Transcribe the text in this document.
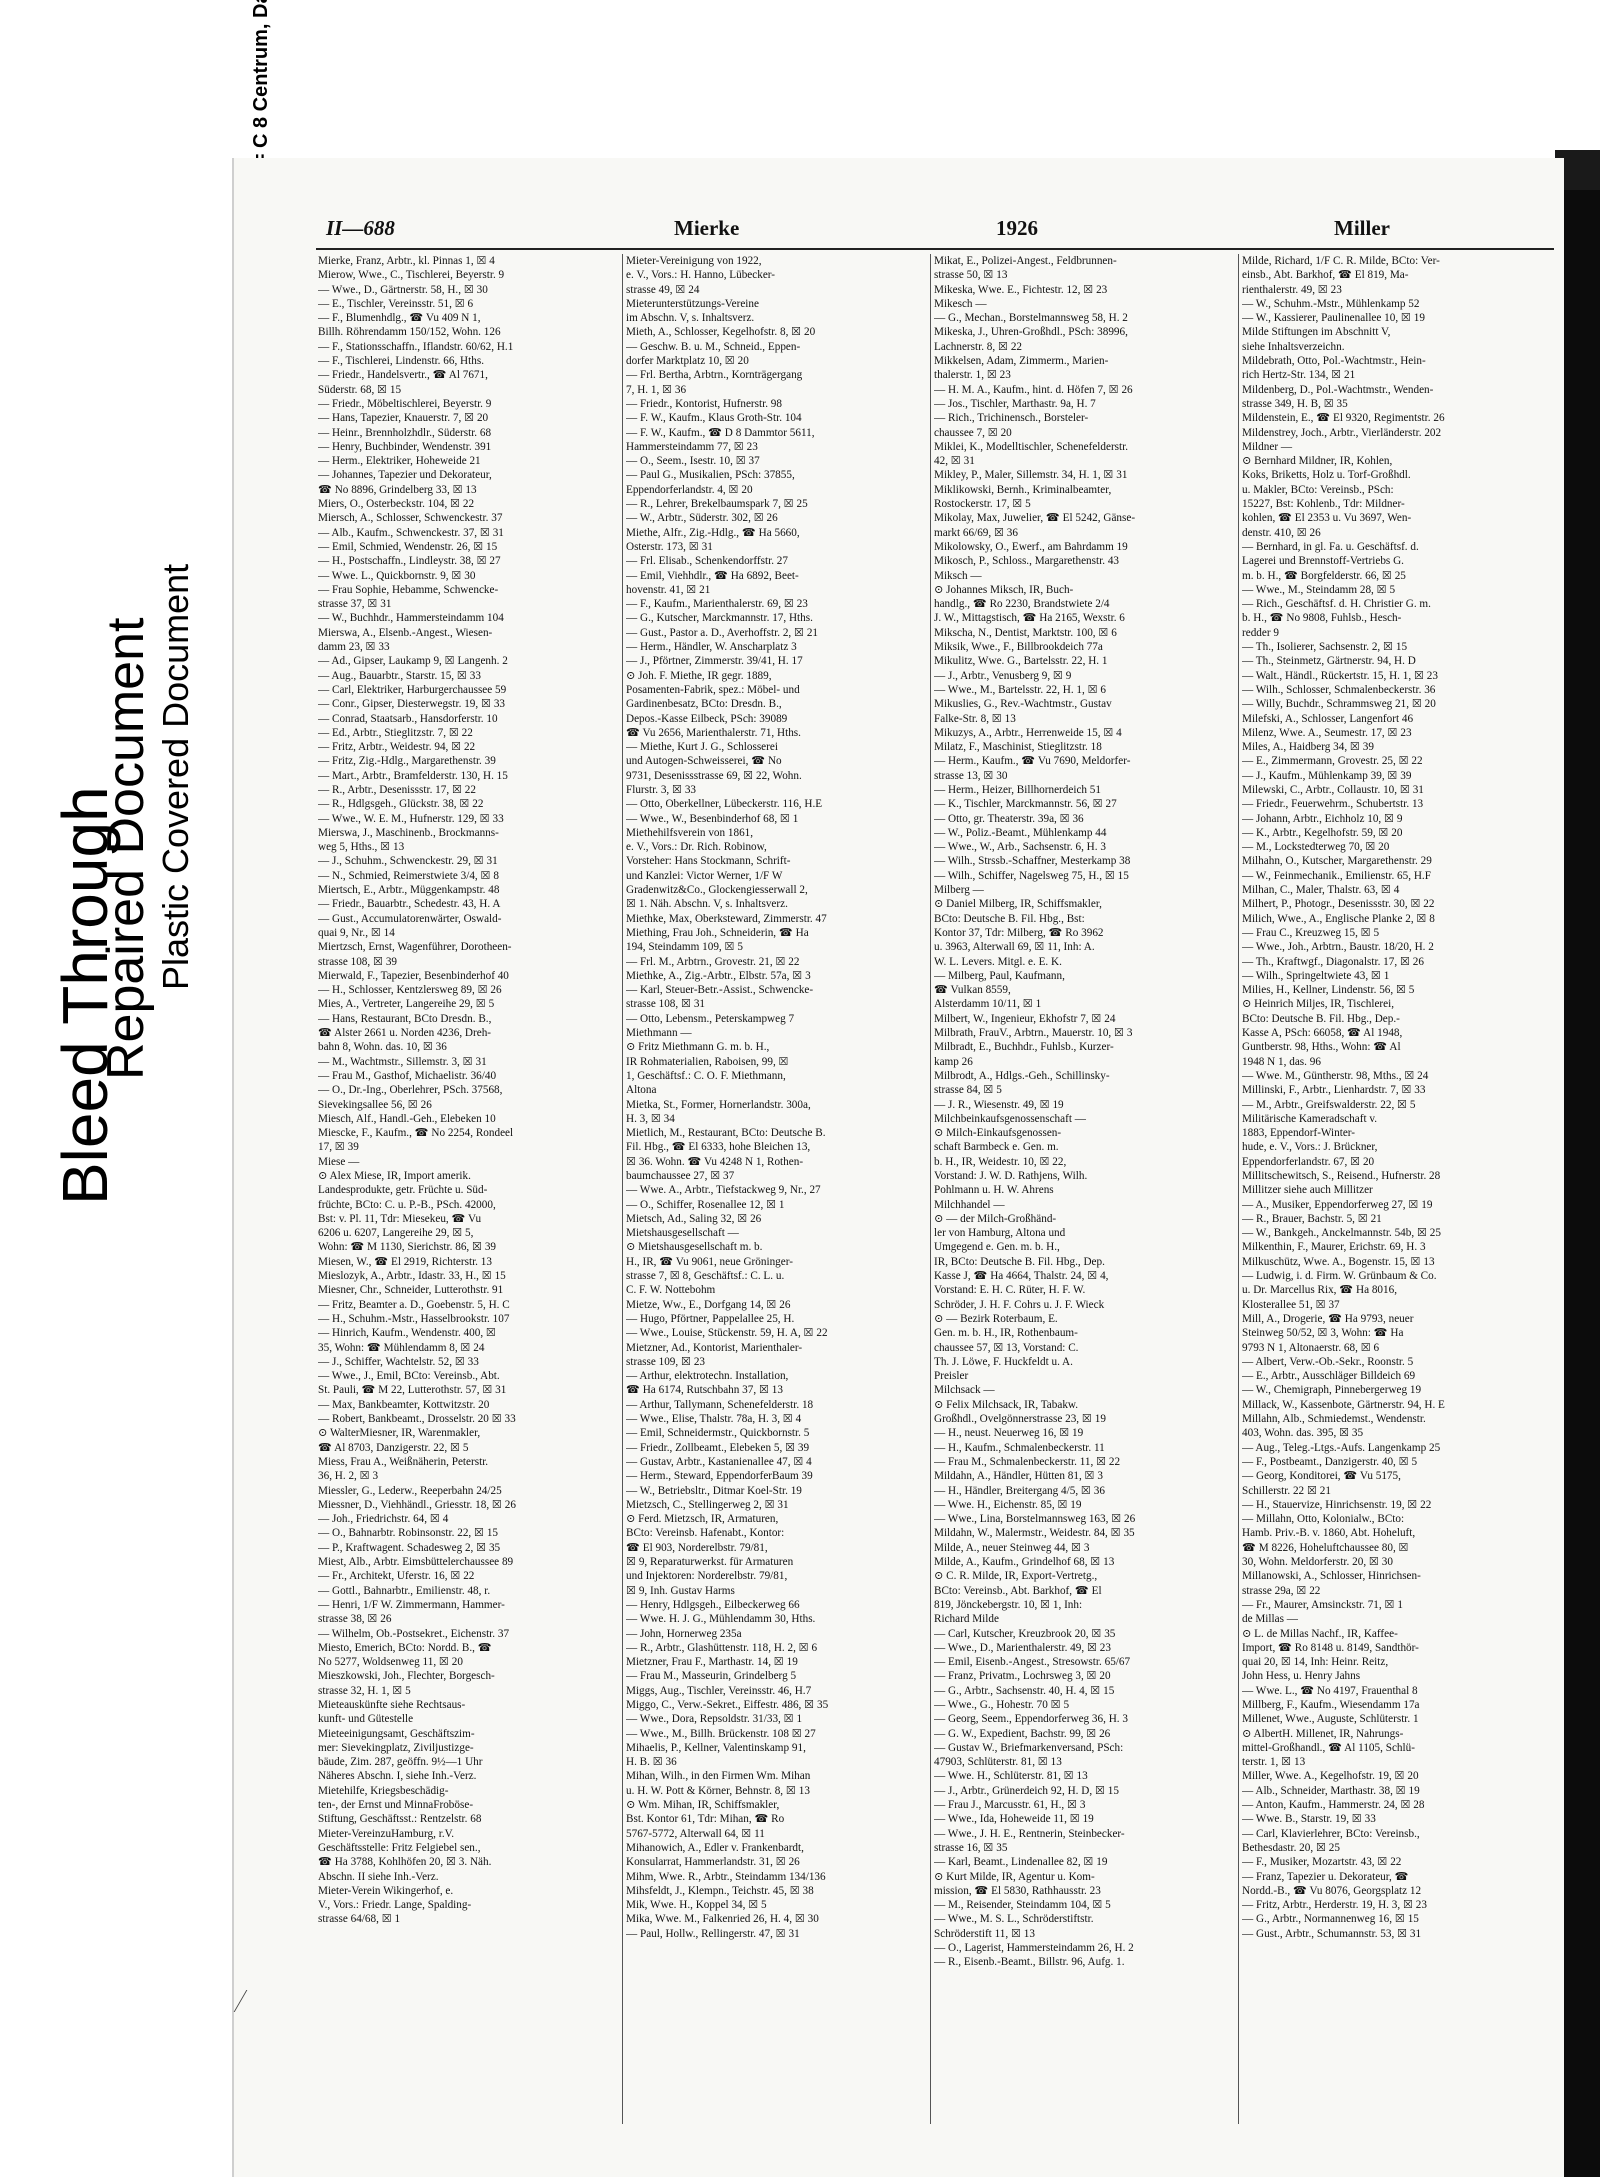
Bleed Through
Repaired Document Plastic Covered Document
II—688	Mierke	1926	Miller

Mierke, Franz, Arbtr., kl. Pinnas 1, ☒ 4

Mierow, Wwe., C., Tischlerei, Beyerstr. 9

— Wwe., D., Gärtnerstr. 58, H., ☒ 30

— E., Tischler, Vereinsstr. 51, ☒ 6

— F., Blumenhdlg., ☎ Vu 409 N 1,

Billh. Röhrendamm 150/152, Wohn. 126

— F., Stationsschaffn., Iflandstr. 60/62, H.1

— F., Tischlerei, Lindenstr. 66, Hths.

— Friedr., Handelsvertr., ☎ Al 7671,

Süderstr. 68, ☒ 15

— Friedr., Möbeltischlerei, Beyerstr. 9

— Hans, Tapezier, Knauerstr. 7, ☒ 20

— Heinr., Brennholzhdlr., Süderstr. 68

— Henry, Buchbinder, Wendenstr. 391

— Herm., Elektriker, Hoheweide 21

— Johannes, Tapezier und Dekorateur,

☎ No 8896, Grindelberg 33, ☒ 13

Miers, O., Osterbeckstr. 104, ☒ 22

Miersch, A., Schlosser, Schwenckestr. 37

— Alb., Kaufm., Schwenckestr. 37, ☒ 31

— Emil, Schmied, Wendenstr. 26, ☒ 15

— H., Postschaffn., Lindleystr. 38, ☒ 27

— Wwe. L., Quickbornstr. 9, ☒ 30

— Frau Sophie, Hebamme, Schwencke-

strasse 37, ☒ 31

— W., Buchhdr., Hammersteindamm 104

Mierswa, A., Elsenb.-Angest., Wiesen-

damm 23, ☒ 33

— Ad., Gipser, Laukamp 9, ☒ Langenh. 2

— Aug., Bauarbtr., Starstr. 15, ☒ 33

— Carl, Elektriker, Harburgerchaussee 59

— Conr., Gipser, Diesterwegstr. 19, ☒ 33

— Conrad, Staatsarb., Hansdorferstr. 10

— Ed., Arbtr., Stieglitzstr. 7, ☒ 22

— Fritz, Arbtr., Weidestr. 94, ☒ 22

— Fritz, Zig.-Hdlg., Margarethenstr. 39

— Mart., Arbtr., Bramfelderstr. 130, H. 15

— R., Arbtr., Desenissstr. 17, ☒ 22

— R., Hdlgsgeh., Glückstr. 38, ☒ 22

— Wwe., W. E. M., Hufnerstr. 129, ☒ 33

Mierswa, J., Maschinenb., Brockmanns-

weg 5, Hths., ☒ 13

— J., Schuhm., Schwenckestr. 29, ☒ 31

— N., Schmied, Reimerstwiete 3/4, ☒ 8

Miertsch, E., Arbtr., Müggenkampstr. 48

— Friedr., Bauarbtr., Schedestr. 43, H. A

— Gust., Accumulatorenwärter, Oswald-

quai 9, Nr., ☒ 14

Miertzsch, Ernst, Wagenführer, Dorotheen-

strasse 108, ☒ 39

Mierwald, F., Tapezier, Besenbinderhof 40

— H., Schlosser, Kentzlersweg 89, ☒ 26

Mies, A., Vertreter, Langereihe 29, ☒ 5

— Hans, Restaurant, BCto Dresdn. B.,

☎ Alster 2661 u. Norden 4236, Dreh-

bahn 8, Wohn. das. 10, ☒ 36

— M., Wachtmstr., Sillemstr. 3, ☒ 31

— Frau M., Gasthof, Michaelistr. 36/40

— O., Dr.-Ing., Oberlehrer, PSch. 37568,

Sievekingsallee 56, ☒ 26

Miesch, Alf., Handl.-Geh., Elebeken 10

Miescke, F., Kaufm., ☎ No 2254, Rondeel

17, ☒ 39

Miese —

⊙ Alex Miese, IR, Import amerik.

Landesprodukte, getr. Früchte u. Süd-

früchte, BCto: C. u. P.-B., PSch. 42000,

Bst: v. Pl. 11, Tdr: Miesekeu, ☎ Vu

6206 u. 6207, Langereihe 29, ☒ 5,

Wohn: ☎ M 1130, Sierichstr. 86, ☒ 39

Miesen, W., ☎ El 2919, Richterstr. 13

Mieslozyk, A., Arbtr., Idastr. 33, H., ☒ 15

Miesner, Chr., Schneider, Lutterothstr. 91

— Fritz, Beamter a. D., Goebenstr. 5, H. C

— H., Schuhm.-Mstr., Hasselbrookstr. 107

— Hinrich, Kaufm., Wendenstr. 400, ☒

35, Wohn: ☎ Mühlendamm 8, ☒ 24

— J., Schiffer, Wachtelstr. 52, ☒ 33

— Wwe., J., Emil, BCto: Vereinsb., Abt.

St. Pauli, ☎ M 22, Lutterothstr. 57, ☒ 31

— Max, Bankbeamter, Kottwitzstr. 20

— Robert, Bankbeamt., Drosselstr. 20 ☒ 33

⊙ WalterMiesner, IR, Warenmakler,

☎ Al 8703, Danzigerstr. 22, ☒ 5

Miess, Frau A., Weißnäherin, Peterstr.

36, H. 2, ☒ 3

Miessler, G., Lederw., Reeperbahn 24/25

Miessner, D., Viehhändl., Griesstr. 18, ☒ 26

— Joh., Friedrichstr. 64, ☒ 4

— O., Bahnarbtr. Robinsonstr. 22, ☒ 15

— P., Kraftwagent. Schadesweg 2, ☒ 35

Miest, Alb., Arbtr. Eimsbüttelerchaussee 89

— Fr., Architekt, Uferstr. 16, ☒ 22

— Gottl., Bahnarbtr., Emilienstr. 48, r.

— Henri, 1/F W. Zimmermann, Hammer-

strasse 38, ☒ 26

— Wilhelm, Ob.-Postsekret., Eichenstr. 37

Miesto, Emerich, BCto: Nordd. B., ☎

No 5277, Woldsenweg 11, ☒ 20

Mieszkowski, Joh., Flechter, Borgesch-

strasse 32, H. 1, ☒ 5

Mieteauskünfte siehe Rechtsaus-

kunft- und Gütestelle

Mieteeinigungsamt, Geschäftszim-

mer: Sievekingplatz, Ziviljustizge-

bäude, Zim. 287, geöffn. 9½—1 Uhr

Näheres Abschn. I, siehe Inh.-Verz.

Mietehilfe, Kriegsbeschädig-

ten-, der Ernst und MinnaFroböse-

Stiftung, Geschäftsst.: Rentzelstr. 68

Mieter-VereinzuHamburg, r.V.

Geschäftsstelle: Fritz Felgiebel sen.,

☎ Ha 3788, Kohlhöfen 20, ☒ 3. Näh.

Abschn. II siehe Inh.-Verz.

Mieter-Verein Wikingerhof, e.

V., Vors.: Friedr. Lange, Spalding-

strasse 64/68, ☒ 1

Mieter-Vereinigung von 1922,

e. V., Vors.: H. Hanno, Lübecker-

strasse 49, ☒ 24

Mieterunterstützungs-Vereine

im Abschn. V, s. Inhaltsverz.

Mieth, A., Schlosser, Kegelhofstr. 8, ☒ 20

— Geschw. B. u. M., Schneid., Eppen-

dorfer Marktplatz 10, ☒ 20

— Frl. Bertha, Arbtrn., Kornträgergang

7, H. 1, ☒ 36

— Friedr., Kontorist, Hufnerstr. 98

— F. W., Kaufm., Klaus Groth-Str. 104

— F. W., Kaufm., ☎ D 8 Dammtor 5611,

Hammersteindamm 77, ☒ 23

— O., Seem., Isestr. 10, ☒ 37

— Paul G., Musikalien, PSch: 37855,

Eppendorferlandstr. 4, ☒ 20

— R., Lehrer, Brekelbaumspark 7, ☒ 25

— W., Arbtr., Süderstr. 302, ☒ 26

Miethe, Alfr., Zig.-Hdlg., ☎ Ha 5660,

Osterstr. 173, ☒ 31

— Frl. Elisab., Schenkendorffstr. 27

— Emil, Viehhdlr., ☎ Ha 6892, Beet-

hovenstr. 41, ☒ 21

— F., Kaufm., Marienthalerstr. 69, ☒ 23

— G., Kutscher, Marckmannstr. 17, Hths.

— Gust., Pastor a. D., Averhoffstr. 2, ☒ 21

— Herm., Händler, W. Anscharplatz 3

— J., Pförtner, Zimmerstr. 39/41, H. 17

⊙ Joh. F. Miethe, IR gegr. 1889,

Posamenten-Fabrik, spez.: Möbel- und

Gardinenbesatz, BCto: Dresdn. B.,

Depos.-Kasse Eilbeck, PSch: 39089

☎ Vu 2656, Marienthalerstr. 71, Hths.

— Miethe, Kurt J. G., Schlosserei

und Autogen-Schweisserei, ☎ No

9731, Desenissstrasse 69, ☒ 22, Wohn.

Flurstr. 3, ☒ 33

— Otto, Oberkellner, Lübeckerstr. 116, H.E

— Wwe., W., Besenbinderhof 68, ☒ 1

Miethehilfsverein von 1861,

e. V., Vors.: Dr. Rich. Robinow,

Vorsteher: Hans Stockmann, Schrift-

und Kanzlei: Victor Werner, 1/F W

Gradenwitz&Co., Glockengiesserwall 2,

☒ 1. Näh. Abschn. V, s. Inhaltsverz.

Miethke, Max, Oberksteward, Zimmerstr. 47

Miething, Frau Joh., Schneiderin, ☎ Ha

194, Steindamm 109, ☒ 5

— Frl. M., Arbtrn., Grovestr. 21, ☒ 22

Miethke, A., Zig.-Arbtr., Elbstr. 57a, ☒ 3

— Karl, Steuer-Betr.-Assist., Schwencke-

strasse 108, ☒ 31

— Otto, Lebensm., Peterskampweg 7

Miethmann —

⊙ Fritz Miethmann G. m. b. H.,

IR Rohmaterialien, Raboisen, 99, ☒

1, Geschäftsf.: C. O. F. Miethmann,

Altona

Mietka, St., Former, Hornerlandstr. 300a,

H. 3, ☒ 34

Mietlich, M., Restaurant, BCto: Deutsche B.

Fil. Hbg., ☎ El 6333, hohe Bleichen 13,

☒ 36. Wohn. ☎ Vu 4248 N 1, Rothen-

baumchaussee 27, ☒ 37

— Wwe. A., Arbtr., Tiefstackweg 9, Nr., 27

— O., Schiffer, Rosenallee 12, ☒ 1

Mietsch, Ad., Saling 32, ☒ 26

Mietshausgesellschaft —

⊙ Mietshausgesellschaft m. b.

H., IR, ☎ Vu 9061, neue Gröninger-

strasse 7, ☒ 8, Geschäftsf.: C. L. u.

C. F. W. Nottebohm

Mietze, Ww., E., Dorfgang 14, ☒ 26

— Hugo, Pförtner, Pappelallee 25, H.

— Wwe., Louise, Stückenstr. 59, H. A, ☒ 22

Mietzner, Ad., Kontorist, Marienthaler-

strasse 109, ☒ 23

— Arthur, elektrotechn. Installation,

☎ Ha 6174, Rutschbahn 37, ☒ 13

— Arthur, Tallymann, Schenefelderstr. 18

— Wwe., Elise, Thalstr. 78a, H. 3, ☒ 4

— Emil, Schneidermstr., Quickbornstr. 5

— Friedr., Zollbeamt., Elebeken 5, ☒ 39

— Gustav, Arbtr., Kastanienallee 47, ☒ 4

— Herm., Steward, EppendorferBaum 39

— W., Betriebsltr., Ditmar Koel-Str. 19

Mietzsch, C., Stellingerweg 2, ☒ 31

⊙ Ferd. Mietzsch, IR, Armaturen,

BCto: Vereinsb. Hafenabt., Kontor:

☎ El 903, Norderelbstr. 79/81,

☒ 9, Reparaturwerkst. für Armaturen

und Injektoren: Norderelbstr. 79/81,

☒ 9, Inh. Gustav Harms

— Henry, Hdlgsgeh., Eilbeckerweg 66

— Wwe. H. J. G., Mühlendamm 30, Hths.

— John, Hornerweg 235a

— R., Arbtr., Glashüttenstr. 118, H. 2, ☒ 6

Mietzner, Frau F., Marthastr. 14, ☒ 19

— Frau M., Masseurin, Grindelberg 5

Miggs, Aug., Tischler, Vereinsstr. 46, H.7

Miggo, C., Verw.-Sekret., Eiffestr. 486, ☒ 35

— Wwe., Dora, Repsoldstr. 31/33, ☒ 1

— Wwe., M., Billh. Brückenstr. 108 ☒ 27

Mihaelis, P., Kellner, Valentinskamp 91,

H. B. ☒ 36

Mihan, Wilh., in den Firmen Wm. Mihan

u. H. W. Pott & Körner, Behnstr. 8, ☒ 13

⊙ Wm. Mihan, IR, Schiffsmakler,

Bst. Kontor 61, Tdr: Mihan, ☎ Ro

5767-5772, Alterwall 64, ☒ 11

Mihanowich, A., Edler v. Frankenbardt,

Konsularrat, Hammerlandstr. 31, ☒ 26

Mihm, Wwe. R., Arbtr., Steindamm 134/136

Mihsfeldt, J., Klempn., Teichstr. 45, ☒ 38

Mik, Wwe. H., Koppel 34, ☒ 5

Mika, Wwe. M., Falkenried 26, H. 4, ☒ 30

— Paul, Hollw., Rellingerstr. 47, ☒ 31

Mikat, E., Polizei-Angest., Feldbrunnen-

strasse 50, ☒ 13

Mikeska, Wwe. E., Fichtestr. 12, ☒ 23

Mikesch —

— G., Mechan., Borstelmannsweg 58, H. 2

Mikeska, J., Uhren-Großhdl., PSch: 38996,

Lachnerstr. 8, ☒ 22

Mikkelsen, Adam, Zimmerm., Marien-

thalerstr. 1, ☒ 23

— H. M. A., Kaufm., hint. d. Höfen 7, ☒ 26

— Jos., Tischler, Marthastr. 9a, H. 7

— Rich., Trichinensch., Borsteler-

chaussee 7, ☒ 20

Miklei, K., Modelltischler, Schenefelderstr.

42, ☒ 31

Mikley, P., Maler, Sillemstr. 34, H. 1, ☒ 31

Miklikowski, Bernh., Kriminalbeamter,

Rostockerstr. 17, ☒ 5

Mikolay, Max, Juwelier, ☎ El 5242, Gänse-

markt 66/69, ☒ 36

Mikolowsky, O., Ewerf., am Bahrdamm 19

Mikosch, P., Schloss., Margarethenstr. 43

Miksch —

⊙ Johannes Miksch, IR, Buch-

handlg., ☎ Ro 2230, Brandstwiete 2/4

J. W., Mittagstisch, ☎ Ha 2165, Wexstr. 6

Mikscha, N., Dentist, Marktstr. 100, ☒ 6

Miksik, Wwe., F., Billbrookdeich 77a

Mikulitz, Wwe. G., Bartelsstr. 22, H. 1

— J., Arbtr., Venusberg 9, ☒ 9

— Wwe., M., Bartelsstr. 22, H. 1, ☒ 6

Mikuslies, G., Rev.-Wachtmstr., Gustav

Falke-Str. 8, ☒ 13

Mikuzys, A., Arbtr., Herrenweide 15, ☒ 4

Milatz, F., Maschinist, Stieglitzstr. 18

— Herm., Kaufm., ☎ Vu 7690, Meldorfer-

strasse 13, ☒ 30

— Herm., Heizer, Billhornerdeich 51

— K., Tischler, Marckmannstr. 56, ☒ 27

— Otto, gr. Theaterstr. 39a, ☒ 36

— W., Poliz.-Beamt., Mühlenkamp 44

— Wwe., W., Arb., Sachsenstr. 6, H. 3

— Wilh., Strssb.-Schaffner, Mesterkamp 38

— Wilh., Schiffer, Nagelsweg 75, H., ☒ 15

Milberg —

⊙ Daniel Milberg, IR, Schiffsmakler,

BCto: Deutsche B. Fil. Hbg., Bst:

Kontor 37, Tdr: Milberg, ☎ Ro 3962

u. 3963, Alterwall 69, ☒ 11, Inh: A.

W. L. Levers. Mitgl. e. E. K.

— Milberg, Paul, Kaufmann,

☎ Vulkan 8559,

Alsterdamm 10/11, ☒ 1

Milbert, W., Ingenieur, Ekhofstr 7, ☒ 24

Milbrath, FrauV., Arbtrn., Mauerstr. 10, ☒ 3

Milbradt, E., Buchhdr., Fuhlsb., Kurzer-

kamp 26

Milbrodt, A., Hdlgs.-Geh., Schillinsky-

strasse 84, ☒ 5

— J. R., Wiesenstr. 49, ☒ 19

Milchbeinkaufsgenossenschaft —

⊙ Milch-Einkaufsgenossen-

schaft Barmbeck e. Gen. m.

b. H., IR, Weidestr. 10, ☒ 22,

Vorstand: J. W. D. Rathjens, Wilh.

Pohlmann u. H. W. Ahrens

Milchhandel —

⊙ — der Milch-Großhänd-

ler von Hamburg, Altona und

Umgegend e. Gen. m. b. H.,

IR, BCto: Deutsche B. Fil. Hbg., Dep.

Kasse J, ☎ Ha 4664, Thalstr. 24, ☒ 4,

Vorstand: E. H. C. Rüter, H. F. W.

Schröder, J. H. F. Cohrs u. J. F. Wieck

⊙ — Bezirk Roterbaum, E.

Gen. m. b. H., IR, Rothenbaum-

chaussee 57, ☒ 13, Vorstand: C.

Th. J. Löwe, F. Huckfeldt u. A.

Preisler

Milchsack —

⊙ Felix Milchsack, IR, Tabakw.

Großhdl., Ovelgönnerstrasse 23, ☒ 19

— H., neust. Neuerweg 16, ☒ 19

— H., Kaufm., Schmalenbeckerstr. 11

— Frau M., Schmalenbeckerstr. 11, ☒ 22

Mildahn, A., Händler, Hütten 81, ☒ 3

— H., Händler, Breitergang 4/5, ☒ 36

— Wwe. H., Eichenstr. 85, ☒ 19

— Wwe., Lina, Borstelmannsweg 163, ☒ 26

Mildahn, W., Malermstr., Weidestr. 84, ☒ 35

Milde, A., neuer Steinweg 44, ☒ 3

Milde, A., Kaufm., Grindelhof 68, ☒ 13

⊙ C. R. Milde, IR, Export-Vertretg.,

BCto: Vereinsb., Abt. Barkhof, ☎ El

819, Jönckebergstr. 10, ☒ 1, Inh:

Richard Milde

— Carl, Kutscher, Kreuzbrook 20, ☒ 35

— Wwe., D., Marienthalerstr. 49, ☒ 23

— Emil, Eisenb.-Angest., Stresowstr. 65/67

— Franz, Privatm., Lochrsweg 3, ☒ 20

— G., Arbtr., Sachsenstr. 40, H. 4, ☒ 15

— Wwe., G., Hohestr. 70 ☒ 5

— Georg, Seem., Eppendorferweg 36, H. 3

— G. W., Expedient, Bachstr. 99, ☒ 26

— Gustav W., Briefmarkenversand, PSch:

47903, Schlüterstr. 81, ☒ 13

— Wwe. H., Schlüterstr. 81, ☒ 13

— J., Arbtr., Grünerdeich 92, H. D, ☒ 15

— Frau J., Marcusstr. 61, H., ☒ 3

— Wwe., Ida, Hoheweide 11, ☒ 19

— Wwe., J. H. E., Rentnerin, Steinbecker-

strasse 16, ☒ 35

— Karl, Beamt., Lindenallee 82, ☒ 19

⊙ Kurt Milde, IR, Agentur u. Kom-

mission, ☎ El 5830, Rathhausstr. 23

— M., Reisender, Steindamm 104, ☒ 5

— Wwe., M. S. L., Schröderstiftstr.

Schröderstift 11, ☒ 13

— O., Lagerist, Hammersteindamm 26, H. 2

— R., Eisenb.-Beamt., Billstr. 96, Aufg. 1.

Milde, Richard, 1/F C. R. Milde, BCto: Ver-

einsb., Abt. Barkhof, ☎ El 819, Ma-

rienthalerstr. 49, ☒ 23

— W., Schuhm.-Mstr., Mühlenkamp 52

— W., Kassierer, Paulinenallee 10, ☒ 19

Milde Stiftungen im Abschnitt V,

siehe Inhaltsverzeichn.

Mildebrath, Otto, Pol.-Wachtmstr., Hein-

rich Hertz-Str. 134, ☒ 21

Mildenberg, D., Pol.-Wachtmstr., Wenden-

strasse 349, H. B, ☒ 35

Mildenstein, E., ☎ El 9320, Regimentstr. 26

Mildenstrey, Joch., Arbtr., Vierländerstr. 202

Mildner —

⊙ Bernhard Mildner, IR, Kohlen,

Koks, Briketts, Holz u. Torf-Großhdl.

u. Makler, BCto: Vereinsb., PSch:

15227, Bst: Kohlenb., Tdr: Mildner-

kohlen, ☎ El 2353 u. Vu 3697, Wen-

denstr. 410, ☒ 26

— Bernhard, in gl. Fa. u. Geschäftsf. d.

Lagerei und Brennstoff-Vertriebs G.

m. b. H., ☎ Borgfelderstr. 66, ☒ 25

— Wwe., M., Steindamm 28, ☒ 5

— Rich., Geschäftsf. d. H. Christier G. m.

b. H., ☎ No 9808, Fuhlsb., Hesch-

redder 9

— Th., Isolierer, Sachsenstr. 2, ☒ 15

— Th., Steinmetz, Gärtnerstr. 94, H. D

— Walt., Händl., Rückertstr. 15, H. 1, ☒ 23

— Wilh., Schlosser, Schmalenbeckerstr. 36

— Willy, Buchdr., Schrammsweg 21, ☒ 20

Milefski, A., Schlosser, Langenfort 46

Milenz, Wwe. A., Seumestr. 17, ☒ 23

Miles, A., Haidberg 34, ☒ 39

— E., Zimmermann, Grovestr. 25, ☒ 22

— J., Kaufm., Mühlenkamp 39, ☒ 39

Milewski, C., Arbtr., Collaustr. 10, ☒ 31

— Friedr., Feuerwehrm., Schubertstr. 13

— Johann, Arbtr., Eichholz 10, ☒ 9

— K., Arbtr., Kegelhofstr. 59, ☒ 20

— M., Lockstedterweg 70, ☒ 20

Milhahn, O., Kutscher, Margarethenstr. 29

— W., Feinmechanik., Emilienstr. 65, H.F

Milhan, C., Maler, Thalstr. 63, ☒ 4

Milhert, P., Photogr., Desenissstr. 30, ☒ 22

Milich, Wwe., A., Englische Planke 2, ☒ 8

— Frau C., Kreuzweg 15, ☒ 5

— Wwe., Joh., Arbtrn., Baustr. 18/20, H. 2

— Th., Kraftwgf., Diagonalstr. 17, ☒ 26

— Wilh., Springeltwiete 43, ☒ 1

Milies, H., Kellner, Lindenstr. 56, ☒ 5

⊙ Heinrich Miljes, IR, Tischlerei,

BCto: Deutsche B. Fil. Hbg., Dep.-

Kasse A, PSch: 66058, ☎ Al 1948,

Guntberstr. 98, Hths., Wohn: ☎ Al

1948 N 1, das. 96

— Wwe. M., Güntherstr. 98, Mths., ☒ 24

Millinski, F., Arbtr., Lienhardstr. 7, ☒ 33

— M., Arbtr., Greifswalderstr. 22, ☒ 5

Militärische Kameradschaft v.

1883, Eppendorf-Winter-

hude, e. V., Vors.: J. Brückner,

Eppendorferlandstr. 67, ☒ 20

Millitschewitsch, S., Reisend., Hufnerstr. 28

Millitzer siehe auch Millitzer

— A., Musiker, Eppendorferweg 27, ☒ 19

— R., Brauer, Bachstr. 5, ☒ 21

— W., Bankgeh., Anckelmannstr. 54b, ☒ 25

Milkenthin, F., Maurer, Erichstr. 69, H. 3

Milkuschütz, Wwe. A., Bogenstr. 15, ☒ 13

— Ludwig, i. d. Firm. W. Grünbaum & Co.

u. Dr. Marcellus Rix, ☎ Ha 8016,

Klosterallee 51, ☒ 37

Mill, A., Drogerie, ☎ Ha 9793, neuer

Steinweg 50/52, ☒ 3, Wohn: ☎ Ha

9793 N 1, Altonaerstr. 68, ☒ 6

— Albert, Verw.-Ob.-Sekr., Roonstr. 5

— E., Arbtr., Ausschläger Billdeich 69

— W., Chemigraph, Pinnebergerweg 19

Millack, W., Kassenbote, Gärtnerstr. 94, H. E

Millahn, Alb., Schmiedemst., Wendenstr.

403, Wohn. das. 395, ☒ 35

— Aug., Teleg.-Ltgs.-Aufs. Langenkamp 25

— F., Postbeamt., Danzigerstr. 40, ☒ 5

— Georg, Konditorei, ☎ Vu 5175,

Schillerstr. 22 ☒ 21

— H., Stauervize, Hinrichsenstr. 19, ☒ 22

— Millahn, Otto, Kolonialw., BCto:

Hamb. Priv.-B. v. 1860, Abt. Hoheluft,

☎ M 8226, Hoheluftchaussee 80, ☒

30, Wohn. Meldorferstr. 20, ☒ 30

Millanowski, A., Schlosser, Hinrichsen-

strasse 29a, ☒ 22

— Fr., Maurer, Amsinckstr. 71, ☒ 1

de Millas —

⊙ L. de Millas Nachf., IR, Kaffee-

Import, ☎ Ro 8148 u. 8149, Sandthör-

quai 20, ☒ 14, Inh: Heinr. Reitz,

John Hess, u. Henry Jahns

— Wwe. L., ☎ No 4197, Frauenthal 8

Millberg, F., Kaufm., Wiesendamm 17a

Millenet, Wwe., Auguste, Schlüterstr. 1

⊙ AlbertH. Millenet, IR, Nahrungs-

mittel-Großhandl., ☎ Al 1105, Schlü-

terstr. 1, ☒ 13

Miller, Wwe. A., Kegelhofstr. 19, ☒ 20

— Alb., Schneider, Marthastr. 38, ☒ 19

— Anton, Kaufm., Hammerstr. 24, ☒ 28

— Wwe. B., Starstr. 19, ☒ 33

— Carl, Klavierlehrer, BCto: Vereinsb.,

Bethesdastr. 20, ☒ 25

— F., Musiker, Mozartstr. 43, ☒ 22

— Franz, Tapezier u. Dekorateur, ☎

Nordd.-B., ☎ Vu 8076, Georgsplatz 12

— Fritz, Arbtr., Herderstr. 19, H. 3, ☒ 23

— G., Arbtr., Normannenweg 16, ☒ 15

— Gust., Arbtr., Schumannstr. 53, ☒ 31
